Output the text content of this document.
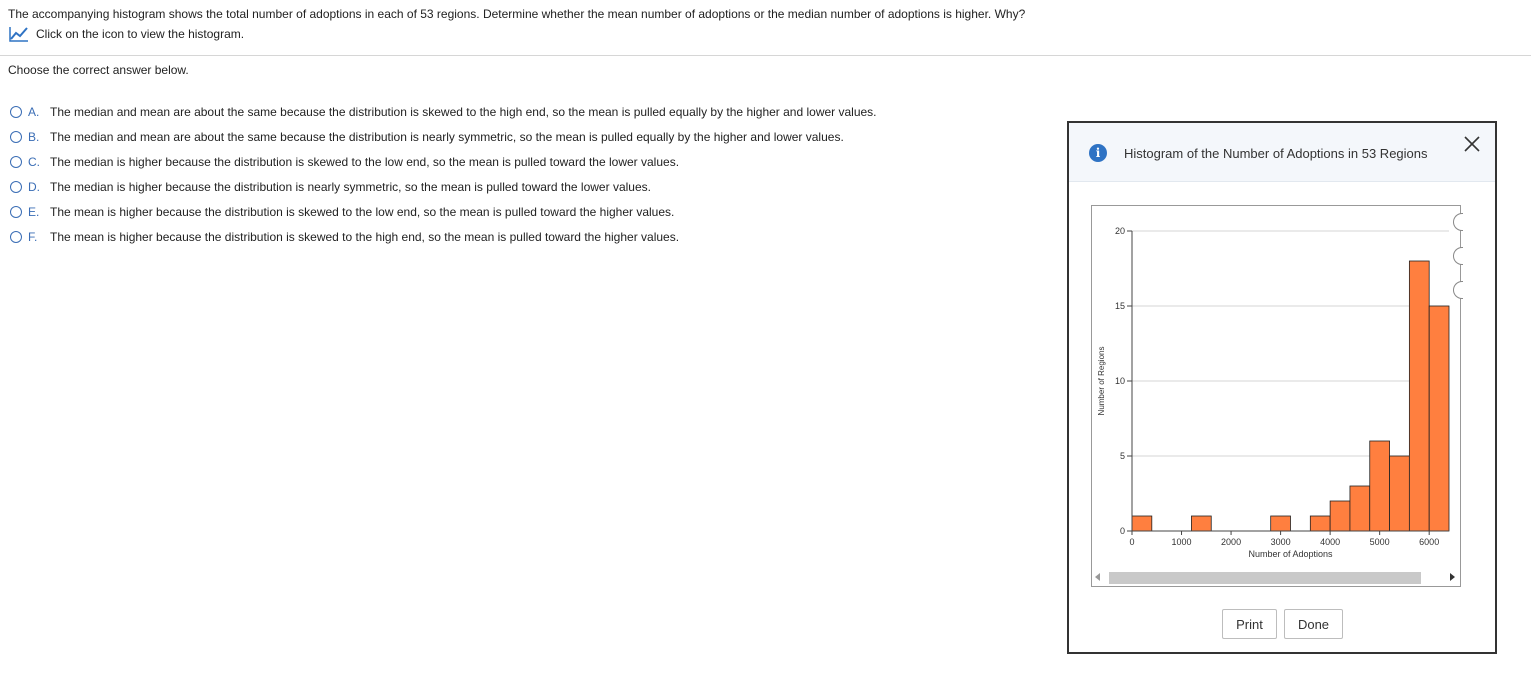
The accompanying histogram shows the total number of adoptions in each of 53 regions. Determine whether the mean number of adoptions or the median number of adoptions is higher. Why?
Click on the icon to view the histogram.
Choose the correct answer below.
A. The median and mean are about the same because the distribution is skewed to the high end, so the mean is pulled equally by the higher and lower values.
B. The median and mean are about the same because the distribution is nearly symmetric, so the mean is pulled equally by the higher and lower values.
C. The median is higher because the distribution is skewed to the low end, so the mean is pulled toward the lower values.
D. The median is higher because the distribution is nearly symmetric, so the mean is pulled toward the lower values.
E. The mean is higher because the distribution is skewed to the low end, so the mean is pulled toward the higher values.
F.	The mean is higher because the distribution is skewed to the high end, so the mean is pulled toward the higher values.
i	Histogram of the Number of Adoptions in 53 Regions
0
5
10
15
20
0	1000	2000	3000	4000	5000	6000
Number of Adoptions
Number of Regions
Print	Done
